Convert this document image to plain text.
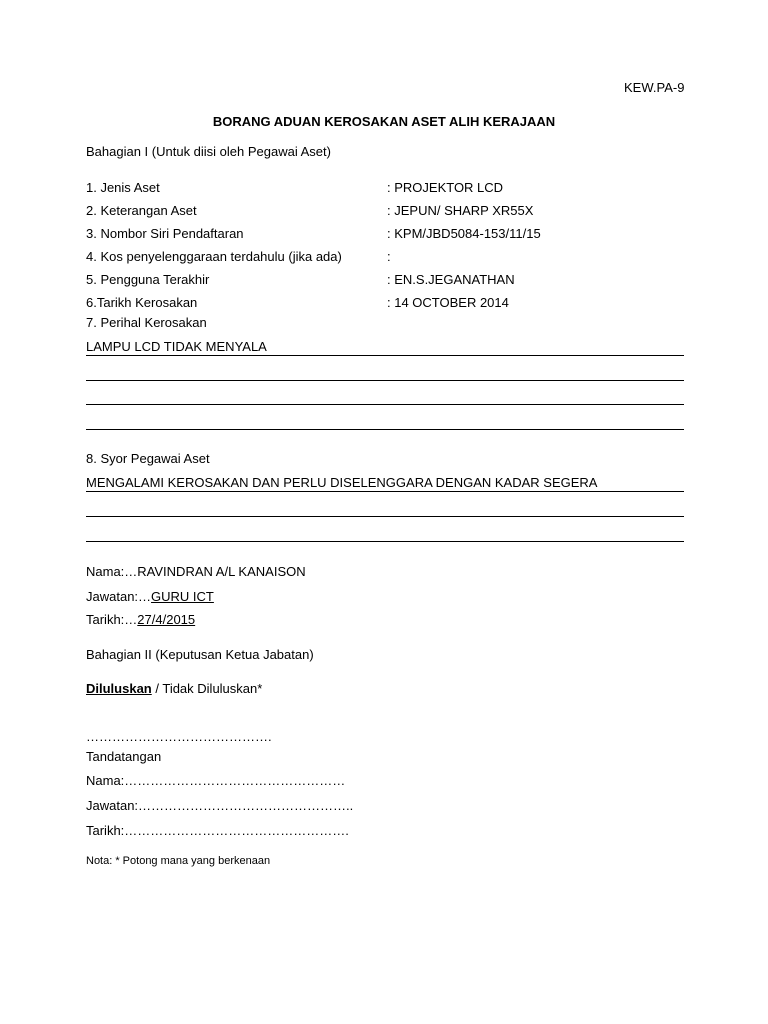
KEW.PA-9
BORANG ADUAN KEROSAKAN ASET ALIH KERAJAAN
Bahagian I (Untuk diisi oleh Pegawai Aset)
1. Jenis Aset	: PROJEKTOR LCD
2. Keterangan Aset	: JEPUN/ SHARP XR55X
3. Nombor Siri Pendaftaran	: KPM/JBD5084-153/11/15
4. Kos penyelenggaraan terdahulu (jika ada)	:
5. Pengguna Terakhir	: EN.S.JEGANATHAN
6.Tarikh Kerosakan	: 14 OCTOBER 2014
7. Perihal Kerosakan
LAMPU LCD TIDAK MENYALA
8. Syor Pegawai Aset
MENGALAMI KEROSAKAN DAN PERLU DISELENGGARA DENGAN KADAR SEGERA
Nama:…RAVINDRAN A/L KANAISON
Jawatan:…GURU ICT
Tarikh:…27/4/2015
Bahagian II (Keputusan Ketua Jabatan)
Diluluskan / Tidak Diluluskan*
…………………………………….
Tandatangan
Nama:……………………………………………
Jawatan:…………………………………………..
Tarikh:…………………………………………….
Nota: * Potong mana yang berkenaan
